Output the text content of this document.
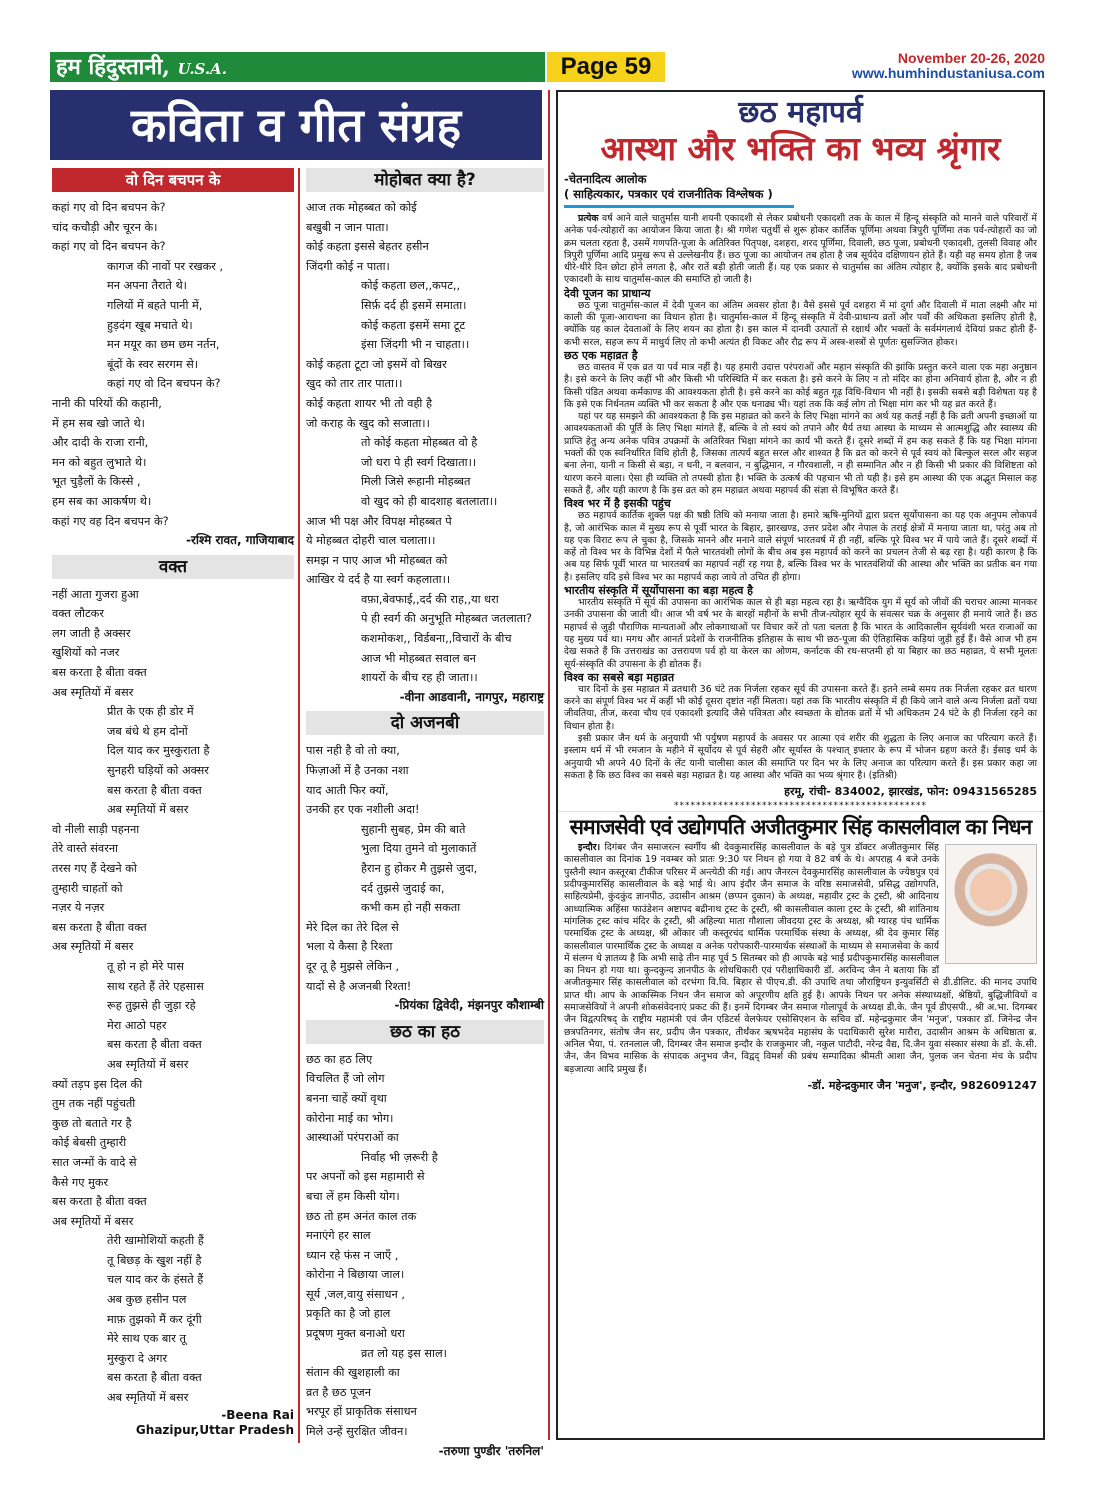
हम हिंदुस्तानी, U.S.A.	Page 59	November 20-26, 2020
www.humhindustaniusa.com
कविता व गीत संग्रह
वो दिन बचपन के
कहां गए वो दिन बचपन के?
चांद कचौड़ी और चूरन के।
कहां गए वो दिन बचपन के?
कागज की नावों पर रखकर ,
मन अपना तैराते थे।
गलियों में बहते पानी में,
हुड़दंग खूब मचाते थे।
मन मयूर का छम छम नर्तन,
बूंदों के स्वर सरगम से।
कहां गए वो दिन बचपन के?
नानी की परियों की कहानी,
में हम सब खो जाते थे।
और दादी के राजा रानी,
मन को बहुत लुभाते थे।
भूत चुड़ैलों के किस्से ,
हम सब का आकर्षण थे।
कहां गए वह दिन बचपन के?
-रश्मि रावत, गाजियाबाद
वक्त
नहीं आता गुजरा हुआ
वक्त लौटकर
लग जाती है अक्सर
खुशियों को नजर
बस करता है बीता वक्त
अब स्मृतियों में बसर
प्रीत के एक ही डोर में
जब बंधे थे हम दोनों
दिल याद कर मुस्कुराता है
सुनहरी घड़ियों को अक्सर
बस करता है बीता वक्त
अब स्मृतियों में बसर
वो नीली साड़ी पहनना
तेरे वास्ते संवरना
तरस गए हैं देखने को
तुम्हारी चाहतों को
नज़र ये नज़र
बस करता है बीता वक्त
अब स्मृतियों में बसर
तू हो न हो मेरे पास
साथ रहते हैं तेरे एहसास
रूह तुझसे ही जुड़ा रहे
मेरा आठो पहर
बस करता है बीता वक्त
अब स्मृतियों में बसर
क्यों तड़प इस दिल की
तुम तक नहीं पहुंचती
कुछ तो बताते गर है
कोई बेबसी तुम्हारी
सात जन्मों के वादे से
कैसे गए मुकर
बस करता है बीता वक्त
अब स्मृतियों में बसर
तेरी खामोशियों कहती हैं
तू बिछड़ के खुश नहीं है
चल याद कर के हंसते हैं
अब कुछ हसीन पल
माफ़ तुझको मैं कर दूंगी
मेरे साथ एक बार तू
मुस्कुरा दे अगर
बस करता है बीता वक्त
अब स्मृतियों में बसर
-Beena Rai
Ghazipur,Uttar Pradesh
मोहोबत क्या है?
आज तक मोहब्बत को कोई
बखुबी न जान पाता।
कोई कहता इससे बेहतर हसीन
जिंदगी कोई न पाता।
कोई कहता छल,,कपट,,
सिर्फ़ दर्द ही इसमें समाता।
कोई कहता इसमें समा टूट
इंसा जिंदगी भी न चाहता।।
कोई कहता टूटा जो इसमें वो बिखर
खुद को तार तार पाता।।
कोई कहता शायर भी तो वही है
जो कराह के खुद को सजाता।।
तो कोई कहता मोहब्बत वो है
जो धरा पे ही स्वर्ग दिखाता।।
मिली जिसे रूहानी मोहब्बत
वो खुद को ही बादशाह बतलाता।।
आज भी पक्ष और विपक्ष मोहब्बत पे
ये मोहब्बत दोहरी चाल चलाता।।
समझ न पाए आज भी मोहब्बत को
आखिर ये दर्द है या स्वर्ग कहलाता।।
वफ़ा,बेवफाई,,दर्द की राह,,या धरा
पे ही स्वर्ग की अनुभूति मोहब्बत जतलाता?
कशमोकश,, विर्डबना,,विचारों के बीच
आज भी मोहब्बत सवाल बन
शायरों के बीच रह ही जाता।।
-वीना आडवानी, नागपुर, महाराष्ट्र
दो अजनबी
पास नही है वो तो क्या,
फिज़ाओं में है उनका नशा
याद आती फिर क्यों,
उनकी हर एक नशीली अदा!
सुहानी सुबह, प्रेम की बाते
भुला दिया तुमने वो मुलाकातें
हैरान हु होकर मै तुझसे जुदा,
दर्द तुझसे जुदाई का,
कभी कम हो नही सकता
मेरे दिल का तेरे दिल से
भला ये कैसा है रिश्ता
दूर तू है मुझसे लेकिन ,
यादों से है अजनबी रिश्ता!
-प्रियंका द्विवेदी, मंझनपुर कौशाम्बी
छठ का हठ
छठ का हठ लिए
विचलित हैं जो लोग
बनना चाहें क्यों वृथा
कोरोना माई का भोग।
आस्थाओं परंपराओं का
निर्वाह भी ज़रूरी है
पर अपनों को इस महामारी से
बचा लें हम किसी योग।
छठ तो हम अनंत काल तक
मनाएंगे हर साल
ध्यान रहे फंस न जाएँ ,
कोरोना ने बिछाया जाल।
सूर्य ,जल,वायु संसाधन ,
प्रकृति का है जो हाल
प्रदूषण मुक्त बनाओ धरा
व्रत लो यह इस साल।
संतान की खुशहाली का
व्रत है छठ पूजन
भरपूर हों प्राकृतिक संसाधन
मिले उन्हें सुरक्षित जीवन।
-तरुणा पुण्डीर 'तरुनिल'
छठ महापर्व
आस्था और भक्ति का भव्य श्रृंगार
-चेतनादित्य आलोक
( साहित्यकार, पत्रकार एवं राजनीतिक विश्लेषक )

प्रत्येक वर्ष आने वाले चातुर्मास यानी शयनी एकादशी से लेकर प्रबोधनी एकादशी तक के काल में हिन्दू संस्कृति को मानने वाले परिवारों में अनेक पर्व-त्योहारों का आयोजन किया जाता है। श्री गणेश चतुर्थी से शुरू होकर कार्तिक पूर्णिमा अथवा त्रिपुरी पूर्णिमा तक पर्व-त्योहारों का जो क्रम चलता रहता है, उसमें गणपति-पूजा के अतिरिक्त पितृपक्ष, दशहरा, शरद पूर्णिमा, दिवाली, छठ पूजा, प्रबोधनी एकादशी, तुलसी विवाह और त्रिपुरी पूर्णिमा आदि प्रमुख रूप से उल्लेखनीय हैं। छठ पूजा का आयोजन तब होता है जब सूर्यदेव दक्षिणायन होते हैं। यही वह समय होता है जब धीरे-धीरे दिन छोटा होने लगता है, और रातें बड़ी होती जाती हैं। यह एक प्रकार से चातुर्मास का अंतिम त्योहार है, क्योंकि इसके बाद प्रबोधनी एकादशी के साथ चातुर्मास-काल की समाप्ति हो जाती है।

देवी पूजन का प्राधान्य

छठ पूजा चातुर्मास-काल में देवी पूजन का अंतिम अवसर होता है। वैसे इससे पूर्व दशहरा में मां दुर्गा और दिवाली में माता लक्ष्मी और मां काली की पूजा-आराधना का विधान होता है। चातुर्मास-काल में हिन्दू संस्कृति में देवी-प्राधान्य व्रतों और पर्वों की अधिकता इसलिए होती है, क्योंकि यह काल देवताओं के लिए शयन का होता है। इस काल में दानवी उत्पातों से रक्षार्थ और भक्तों के सर्वमंगलार्थ देवियां प्रकट होती हैं- कभी सरल, सहज रूप में माधुर्य लिए तो कभी अत्यंत ही विकट और रौद्र रूप में अस्त्र-शस्त्रों से पूर्णतः सुसज्जित होकर।

छठ एक महाव्रत है

छठ वास्तव में एक व्रत या पर्व मात्र नहीं है। यह हमारी उदात्त परंपराओं और महान संस्कृति की झांकि प्रस्तुत करने वाला एक महा अनुष्ठान है। इसे करने के लिए कहीं भी और किसी भी परिस्थिति में कर सकता है। इसे करने के लिए न तो मंदिर का होना अनिवार्य होता है, और न ही किसी पंडित अथवा कर्मकाण्ड की आवश्यकता होती है। इसे करने का कोई बहुत गूढ़ विधि-विधान भी नहीं है। इसकी सबसे बड़ी विशेषता यह है कि इसे एक निर्धनतम व्यक्ति भी कर सकता है और एक धनाढ्य भी। यहां तक कि कई लोग तो भिक्षा मांग कर भी यह व्रत करते हैं।

यहां पर यह समझने की आवश्यकता है कि इस महाव्रत को करने के लिए भिक्षा मांगने का अर्थ यह कतई नहीं है कि व्रती अपनी इच्छाओं या आवश्यकताओं की पूर्ति के लिए भिक्षा मांगते हैं, बल्कि वे तो स्वयं को तपाने और धैर्य तथा आस्था के माध्यम से आत्मशुद्धि और स्वास्थ्य की प्राप्ति हेतु अन्य अनेक पवित्र उपक्रमों के अतिरिक्त भिक्षा मांगने का कार्य भी करते हैं। दूसरे शब्दों में हम कह सकते हैं कि यह भिक्षा मांगना भक्तों की एक स्वनिर्धारित विधि होती है, जिसका तात्पर्य बहुत सरल और शाश्वत है कि व्रत को करने से पूर्व स्वयं को बिल्कुल सरल और सहज बना लेना, यानी न किसी से बड़ा, न धनी, न बलवान, न बुद्धिमान, न गौरवशाली, न ही सम्मानित और न ही किसी भी प्रकार की विशिष्टता को धारण करने वाला। ऐसा ही व्यक्ति तो तपस्वी होता है। भक्ति के उत्कर्ष की पहचान भी तो यही है। इसे हम आस्था की एक अद्भुत मिसाल कह सकते हैं, और यही कारण है कि इस व्रत को हम महाव्रत अथवा महापर्व की संज्ञा से विभूषित करते हैं।

विश्व भर में है इसकी पहुंच

छठ महापर्व कार्तिक शुक्ल पक्ष की षष्ठी तिथि को मनाया जाता है। हमारे ऋषि-मुनियों द्वारा प्रदत्त सूर्योपासना का यह एक अनुपम लोकपर्व है, जो आरंभिक काल में मुख्य रूप से पूर्वी भारत के बिहार, झारखण्ड, उत्तर प्रदेश और नेपाल के तराई क्षेत्रों में मनाया जाता था, परंतु अब तो यह एक विराट रूप ले चुका है, जिसके मानने और मनाने वाले संपूर्ण भारतवर्ष में ही नहीं, बल्कि पूरे विश्व भर में पाये जाते हैं। दूसरे शब्दों में कहें तो विश्व भर के विभिन्न देशों में फैले भारतवंशी लोगों के बीच अब इस महापर्व को करने का प्रचलन तेजी से बढ़ रहा है। यही कारण है कि अब यह सिर्फ पूर्वी भारत या भारतवर्ष का महापर्व नहीं रह गया है, बल्कि विश्व भर के भारतवंशियों की आस्था और भक्ति का प्रतीक बन गया है। इसलिए यदि इसे विश्व भर का महापर्व कहा जाये तो उचित ही होगा।

भारतीय संस्कृति में सूर्योपासना का बड़ा महत्व है

भारतीय संस्कृति में सूर्य की उपासना का आरंभिक काल से ही बड़ा महत्व रहा है। ऋग्वैदिक युग में सूर्य को जीवों की चराचर आत्मा मानकर उनकी उपासना की जाती थी। आज भी वर्ष भर के बारहों महीनों के सभी तीज-त्योहार सूर्य के संवत्सर चक्र के अनुसार ही मनाये जाते हैं। छठ महापर्व से जुड़ी पौराणिक मान्यताओं और लोकगाथाओं पर विचार करें तो पता चलता है कि भारत के आदिकालीन सूर्यवंशी भरत राजाओं का यह मुख्य पर्व था। मगध और आनर्त प्रदेशों के राजनीतिक इतिहास के साथ भी छठ-पूजा की ऐतिहासिक कड़ियां जुड़ी हुई हैं। वैसे आज भी हम देख सकते हैं कि उत्तराखंड का उत्तरायण पर्व हो या केरल का ओणम, कर्नाटक की रथ-सप्तमी हो या बिहार का छठ महाव्रत, ये सभी मूलतः सूर्य-संस्कृति की उपासना के ही द्योतक हैं।

विश्व का सबसे बड़ा महाव्रत

चार दिनों के इस महाव्रत में व्रतधारी 36 घंटे तक निर्जला रहकर सूर्य की उपासना करते हैं। इतने लम्बे समय तक निर्जला रहकर व्रत धारण करने का संपूर्ण विश्व भर में कहीं भी कोई दूसरा दृष्टांत नहीं मिलता। यहां तक कि भारतीय संस्कृति में ही किये जाने वाले अन्य निर्जला व्रतों यथा जीवतिया, तीज, करवा चौथ एवं एकादशी इत्यादि जैसे पवित्रता और स्वच्छता के द्योतक व्रतों में भी अधिकतम 24 घंटे के ही निर्जला रहने का विधान होता है।

इसी प्रकार जैन धर्म के अनुयायी भी पर्युषण महापर्व के अवसर पर आत्मा एवं शरीर की शुद्धता के लिए अनाज का परित्याग करते हैं। इस्लाम धर्म में भी रमजान के महीने में सूर्योदय से पूर्व सेहरी और सूर्यास्त के पश्चात् इफ्तार के रूप में भोजन ग्रहण करते हैं। ईसाइ धर्म के अनुयायी भी अपने 40 दिनों के लेंट यानी चालीसा काल की समाप्ति पर दिन भर के लिए अनाज का परित्याग करते हैं। इस प्रकार कहा जा सकता है कि छठ विश्व का सबसे बड़ा महाव्रत है। यह आस्था और भक्ति का भव्य श्रृंगार है। (इतिश्री)

हरमू, रांची- 834002, झारखंड, फोन: 09431565285
**********************************************
समाजसेवी एवं उद्योगपति अजीतकुमार सिंह कासलीवाल का निधन

इन्दौर। दिगंबर जैन समाजरत्न स्वर्गीय श्री देवकुमारसिंह कासलीवाल के बड़े पुत्र डॉक्टर अजीतकुमार सिंह कासलीवाल का दिनांक 19 नवम्बर को प्रातः 9:30 पर निधन हो गया वे 82 वर्ष के थे। अपराह्न 4 बजे उनके पुस्तैनी स्थान कस्तूरबा टीकीज परिसर में अन्त्येठी की गई। आप जैनरत्न देवकुमारसिंह कासलीवाल के ज्येष्ठपुत्र एवं प्रदीपकुमारसिंह कासलीवाल के बड़े भाई थे। आप इंदौर जैन समाज के वरिष्ठ समाजसेवी, प्रसिद्ध उद्योगपति, साहित्यप्रेमी, कुंदकुंद ज्ञानपीठ, उदासीन आश्रम (छप्पन दुकान) के अध्यक्ष, महावीर ट्रस्ट के ट्रस्टी, श्री आदिनाथ आध्यात्मिक अहिंसा फाउंडेशन अष्टापद बद्रीनाथ ट्रस्ट के ट्रस्टी, श्री कासलीवाल काला ट्रस्ट के ट्रस्टी, श्री शांतिनाथ मांगलिक ट्रस्ट कांच मंदिर के ट्रस्टी, श्री अहिल्या माता गौशाला जीवदया ट्रस्ट के अध्यक्ष, श्री ग्यारह पंच धार्मिक परमार्थिक ट्रस्ट के अध्यक्ष, श्री ओंकार जी कस्तूरचंद धार्मिक परमार्थिक संस्था के अध्यक्ष, श्री देव कुमार सिंह कासलीवाल पारमार्थिक ट्रस्ट के अध्यक्ष व अनेक परोपकारी-पारमार्थक संस्थाओं के माध्यम से समाजसेवा के कार्य में संलग्न थे ज्ञातव्य है कि अभी साढ़े तीन माह पूर्व 5 सितम्बर को ही आपके बड़े भाई प्रदीपकुमारसिंह कासलीवाल का निधन हो गया था। कुन्दकुन्द ज्ञानपीठ के शोधधिकारी एवं परीक्षाधिकारी डॉ. अरविन्द जैन ने बताया कि डॉ अजीतकुमार सिंह कासलीवाल को दरभंगा वि.वि. बिहार से पीएच.डी. की उपाधि तथा जौराष्ट्रियन इन्युवर्सिटी से डी.डीलिट. की मानद उपाधि प्राप्त थी। आप के आकस्मिक निधन जैन समाज को अपूरणीय क्षति हुई है। आपके निधन पर अनेक संस्थाध्यक्षों, श्रेष्ठियों, बुद्धिजीवियों व समाजसेवियों ने अपनी शोकसंवेदनाएं प्रकट की हैं। इनमें दिगम्बर जैन समाज गोलापूर्व के अध्यक्ष डी.के. जैन पूर्व डीएसपी., श्री अ.भा. दिगम्बर जैन विद्वत्परिषद् के राष्ट्रीय महामंत्री एवं जैन एडिटर्स वेलफेयर एसोसिएशन के सचिव डॉ. महेन्द्रकुमार जैन 'मनुज', पत्रकार डॉ. जिनेन्द्र जैन छत्रपतिनगर, संतोष जैन सर, प्रदीप जैन पत्रकार, तीर्थंकर ऋषभदेव महासंघ के पदाधिकारी सुरेश मारौरा, उदासीन आश्रम के अधिष्ठाता ब्र. अनिल भैया, पं. रतनलाल जी, दिगम्बर जैन समाज इन्दौर के राजकुमार जी, नकुल पाटौदी, नरेन्द्र वैद्य, दि.जैन युवा संस्कार संस्था के डॉ. के.सी. जैन, जैन विभव मासिक के संपादक अनुभव जैन, विद्वद् विमर्श की प्रबंध सम्पादिका श्रीमती आशा जैन, पुलक जन चेतना मंच के प्रदीप बड़जात्या आदि प्रमुख हैं।

-डॉ. महेन्द्रकुमार जैन 'मनुज', इन्दौर, 9826091247
